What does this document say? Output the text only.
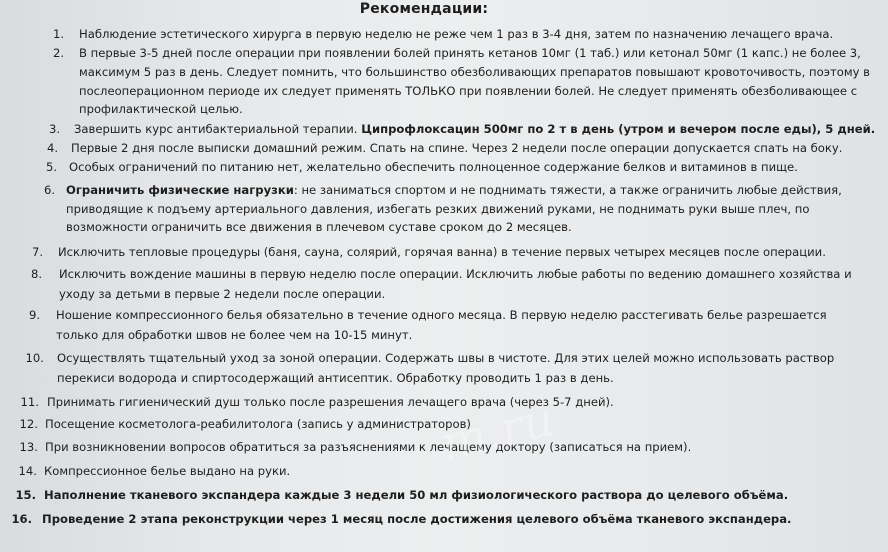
Рекомендации:
1. Наблюдение эстетического хирурга в первую неделю не реже чем 1 раз в 3-4 дня, затем по назначению лечащего врача.
2. В первые 3-5 дней после операции при появлении болей принять кетанов 10мг (1 таб.) или кетонал 50мг (1 капс.) не более 3,
максимум 5 раз в день. Следует помнить, что большинство обезболивающих препаратов повышают кровоточивость, поэтому в
послеоперационном периоде их следует применять ТОЛЬКО при появлении болей. Не следует применять обезболивающее с
профилактической целью.
3. Завершить курс антибактериальной терапии. Ципрофлоксацин 500мг по 2 т в день (утром и вечером после еды), 5 дней.
4. Первые 2 дня после выписки домашний режим. Спать на спине. Через 2 недели после операции допускается спать на боку.
5. Особых ограничений по питанию нет, желательно обеспечить полноценное содержание белков и витаминов в пище.
6. Ограничить физические нагрузки: не заниматься спортом и не поднимать тяжести, а также ограничить любые действия,
приводящие к подъему артериального давления, избегать резких движений руками, не поднимать руки выше плеч, по
возможности ограничить все движения в плечевом суставе сроком до 2 месяцев.
7. Исключить тепловые процедуры (баня, сауна, солярий, горячая ванна) в течение первых четырех месяцев после операции.
8. Исключить вождение машины в первую неделю после операции. Исключить любые работы по ведению домашнего хозяйства и
уходу за детьми в первые 2 недели после операции.
9. Ношение компрессионного белья обязательно в течение одного месяца. В первую неделю расстегивать белье разрешается
только для обработки швов не более чем на 10-15 минут.
10. Осуществлять тщательный уход за зоной операции. Содержать швы в чистоте. Для этих целей можно использовать раствор
перекиси водорода и спиртосодержащий антисептик. Обработку проводить 1 раз в день.
11. Принимать гигиенический душ только после разрешения лечащего врача (через 5-7 дней).
12. Посещение косметолога-реабилитолога (запись у администраторов)
13. При возникновении вопросов обратиться за разъяснениями к лечащему доктору (записаться на прием).
14. Компрессионное белье выдано на руки.
15. Наполнение тканевого экспандера каждые 3 недели 50 мл физиологического раствора до целевого объёма.
16. Проведение 2 этапа реконструкции через 1 месяц после достижения целевого объёма тканевого экспандера.
m.ru
